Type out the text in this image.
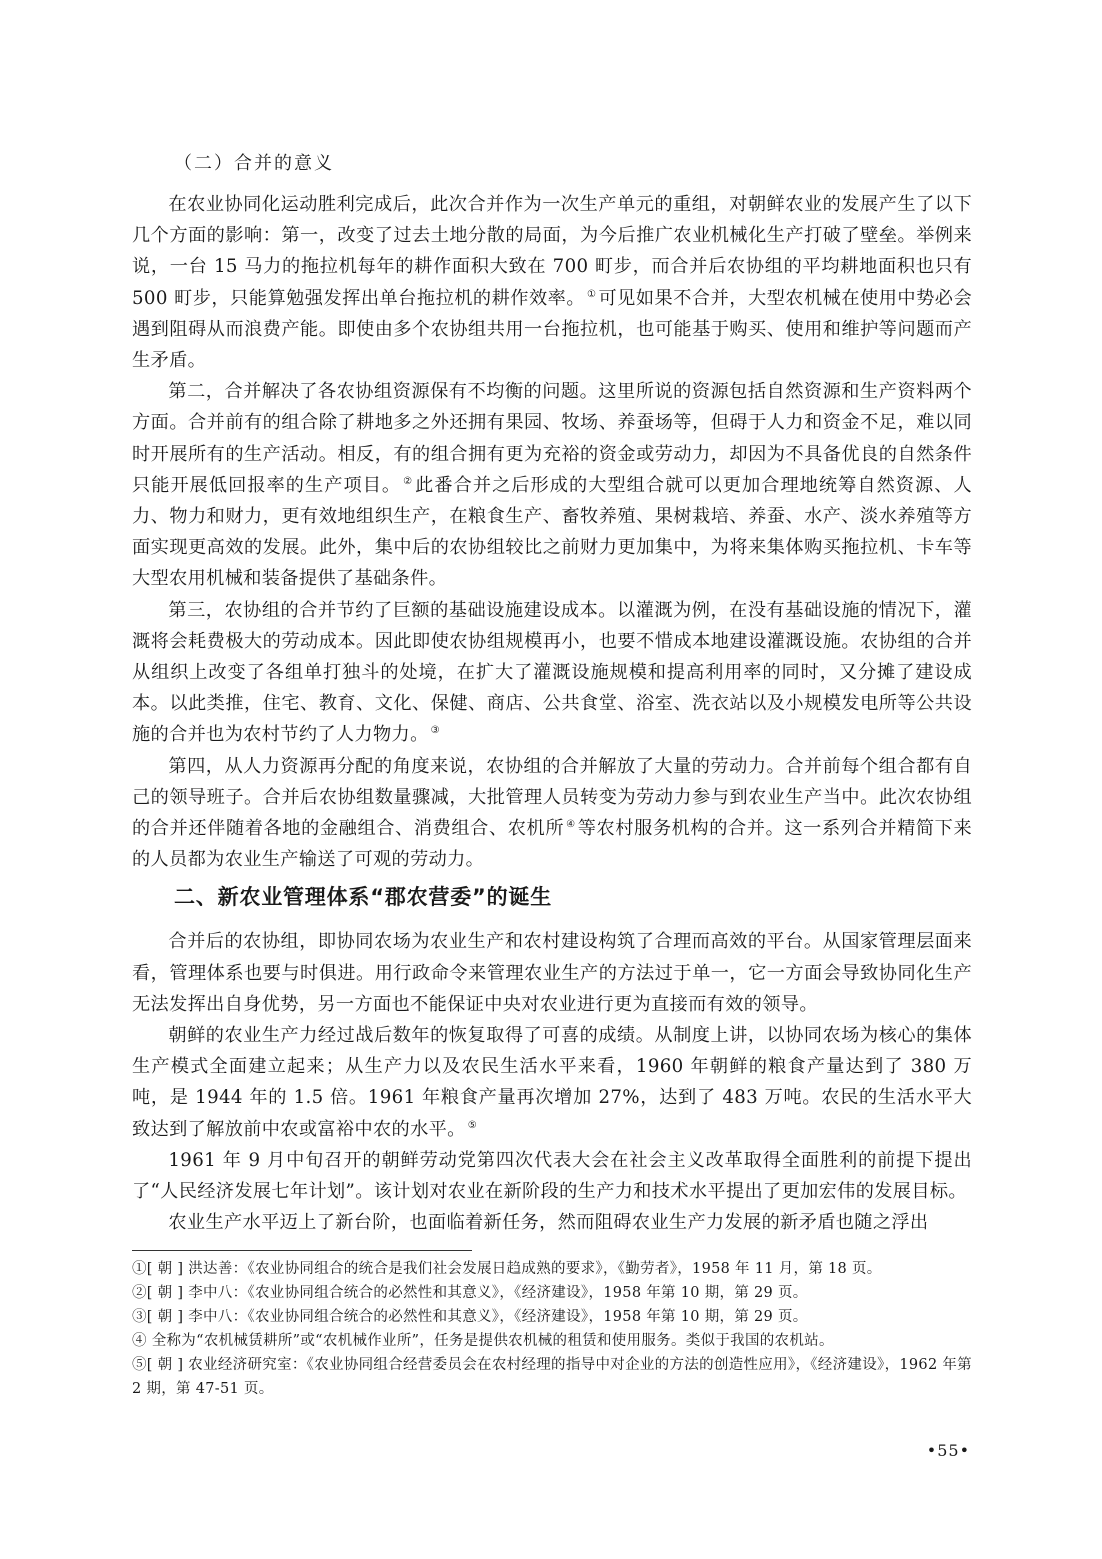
（二）合并的意义

在农业协同化运动胜利完成后，此次合并作为一次生产单元的重组，对朝鲜农业的发展产生了以下几个方面的影响：第一，改变了过去土地分散的局面，为今后推广农业机械化生产打破了壁垒。举例来说，一台 15 马力的拖拉机每年的耕作面积大致在 700 町步，而合并后农协组的平均耕地面积也只有 500 町步，只能算勉强发挥出单台拖拉机的耕作效率。 ① 可见如果不合并，大型农机械在使用中势必会遇到阻碍从而浪费产能。即使由多个农协组共用一台拖拉机，也可能基于购买、使用和维护等问题而产生矛盾。

第二，合并解决了各农协组资源保有不均衡的问题。这里所说的资源包括自然资源和生产资料两个方面。合并前有的组合除了耕地多之外还拥有果园、牧场、养蚕场等，但碍于人力和资金不足，难以同时开展所有的生产活动。相反，有的组合拥有更为充裕的资金或劳动力，却因为不具备优良的自然条件只能开展低回报率的生产项目。 ② 此番合并之后形成的大型组合就可以更加合理地统筹自然资源、人力、物力和财力，更有效地组织生产，在粮食生产、畜牧养殖、果树栽培、养蚕、水产、淡水养殖等方面实现更高效的发展。此外，集中后的农协组较比之前财力更加集中，为将来集体购买拖拉机、卡车等大型农用机械和装备提供了基础条件。

第三，农协组的合并节约了巨额的基础设施建设成本。以灌溉为例，在没有基础设施的情况下，灌溉将会耗费极大的劳动成本。因此即使农协组规模再小，也要不惜成本地建设灌溉设施。农协组的合并从组织上改变了各组单打独斗的处境，在扩大了灌溉设施规模和提高利用率的同时，又分摊了建设成本。以此类推，住宅、教育、文化、保健、商店、公共食堂、浴室、洗衣站以及小规模发电所等公共设施的合并也为农村节约了人力物力。 ③

第四，从人力资源再分配的角度来说，农协组的合并解放了大量的劳动力。合并前每个组合都有自己的领导班子。合并后农协组数量骤减，大批管理人员转变为劳动力参与到农业生产当中。此次农协组的合并还伴随着各地的金融组合、消费组合、农机所 ④ 等农村服务机构的合并。这一系列合并精简下来的人员都为农业生产输送了可观的劳动力。

二、新农业管理体系“郡农营委”的诞生

合并后的农协组，即协同农场为农业生产和农村建设构筑了合理而高效的平台。从国家管理层面来看，管理体系也要与时俱进。用行政命令来管理农业生产的方法过于单一，它一方面会导致协同化生产无法发挥出自身优势，另一方面也不能保证中央对农业进行更为直接而有效的领导。

朝鲜的农业生产力经过战后数年的恢复取得了可喜的成绩。从制度上讲，以协同农场为核心的集体生产模式全面建立起来；从生产力以及农民生活水平来看，1960 年朝鲜的粮食产量达到了 380 万吨，是 1944 年的 1.5 倍。1961 年粮食产量再次增加 27%，达到了 483 万吨。农民的生活水平大致达到了解放前中农或富裕中农的水平。 ⑤

1961 年 9 月中旬召开的朝鲜劳动党第四次代表大会在社会主义改革取得全面胜利的前提下提出了“人民经济发展七年计划”。该计划对农业在新阶段的生产力和技术水平提出了更加宏伟的发展目标。

农业生产水平迈上了新台阶，也面临着新任务，然而阻碍农业生产力发展的新矛盾也随之浮出

①[ 朝 ] 洪达善：《农业协同组合的统合是我们社会发展日趋成熟的要求》，《勤劳者》，1958 年 11 月，第 18 页。

②[ 朝 ] 李中八：《农业协同组合统合的必然性和其意义》，《经济建设》，1958 年第 10 期，第 29 页。

③[ 朝 ] 李中八：《农业协同组合统合的必然性和其意义》，《经济建设》，1958 年第 10 期，第 29 页。

④ 全称为“农机械赁耕所”或“农机械作业所”，任务是提供农机械的租赁和使用服务。类似于我国的农机站。

⑤[ 朝 ] 农业经济研究室：《农业协同组合经营委员会在农村经理的指导中对企业的方法的创造性应用》，《经济建设》，1962 年第 2 期，第 47-51 页。

•55•
